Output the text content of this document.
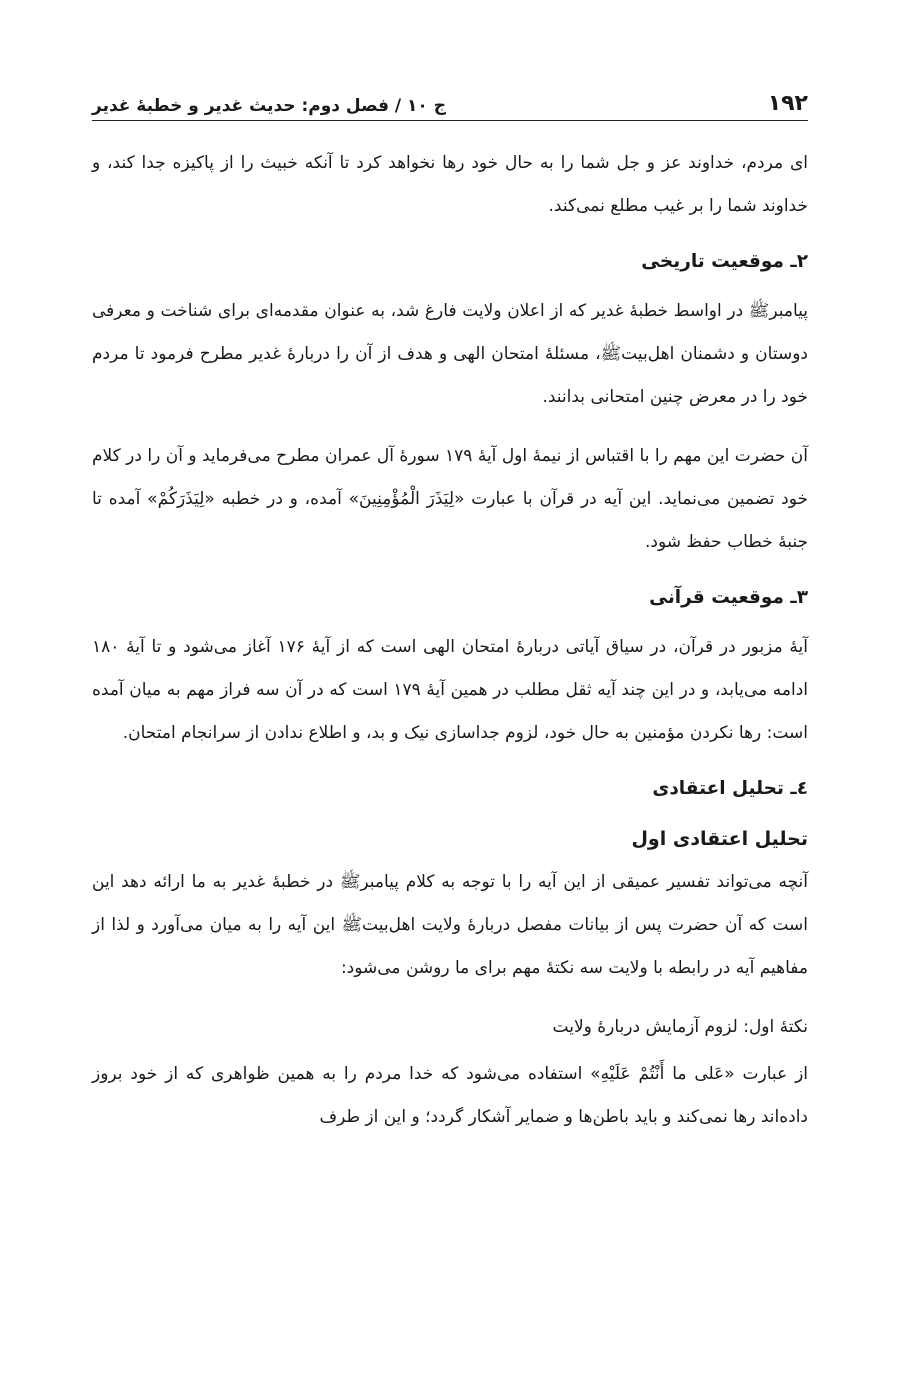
۱۹۲
ج ۱۰ / فصل دوم: حدیث غدیر و خطبۀ غدیر

ای مردم، خداوند عز و جل شما را به حال خود رها نخواهد کرد تا آنکه خبیث را از پاکیزه جدا کند، و خداوند شما را بر غیب مطلع نمی‌کند.

۲ـ موقعیت تاریخی

پیامبرﷺ در اواسط خطبۀ غدیر که از اعلان ولایت فارغ شد، به عنوان مقدمه‌ای برای شناخت و معرفی دوستان و دشمنان اهل‌بیتﷺ، مسئلۀ امتحان الهی و هدف از آن را دربارۀ غدیر مطرح فرمود تا مردم خود را در معرض چنین امتحانی بدانند.

آن حضرت این مهم را با اقتباس از نیمۀ اول آیۀ ۱۷۹ سورۀ آل عمران مطرح می‌فرماید و آن را در کلام خود تضمین می‌نماید. این آیه در قرآن با عبارت «لِيَذَرَ الْمُؤْمِنِينَ» آمده، و در خطبه «لِيَذَرَكُمْ» آمده تا جنبۀ خطاب حفظ شود.

۳ـ موقعیت قرآنی

آیۀ مزبور در قرآن، در سیاق آیاتی دربارۀ امتحان الهی است که از آیۀ ۱۷۶ آغاز می‌شود و تا آیۀ ۱۸۰ ادامه می‌یابد، و در این چند آیه ثقل مطلب در همین آیۀ ۱۷۹ است که در آن سه فراز مهم به میان آمده است: رها نکردن مؤمنین به حال خود، لزوم جداسازی نیک و بد، و اطلاع ندادن از سرانجام امتحان.

٤ـ تحلیل اعتقادی
تحلیل اعتقادی اول

آنچه می‌تواند تفسیر عمیقی از این آیه را با توجه به کلام پیامبرﷺ در خطبۀ غدیر به ما ارائه دهد این است که آن حضرت پس از بیانات مفصل دربارۀ ولایت اهل‌بیتﷺ این آیه را به میان می‌آورد و لذا از مفاهیم آیه در رابطه با ولایت سه نکتۀ مهم برای ما روشن می‌شود:

نکتۀ اول: لزوم آزمایش دربارۀ ولایت

از عبارت «عَلى ما أَنْتُمْ عَلَيْهِ» استفاده می‌شود که خدا مردم را به همین ظواهری که از خود بروز داده‌اند رها نمی‌کند و باید باطن‌ها و ضمایر آشکار گردد؛ و این از طرف
